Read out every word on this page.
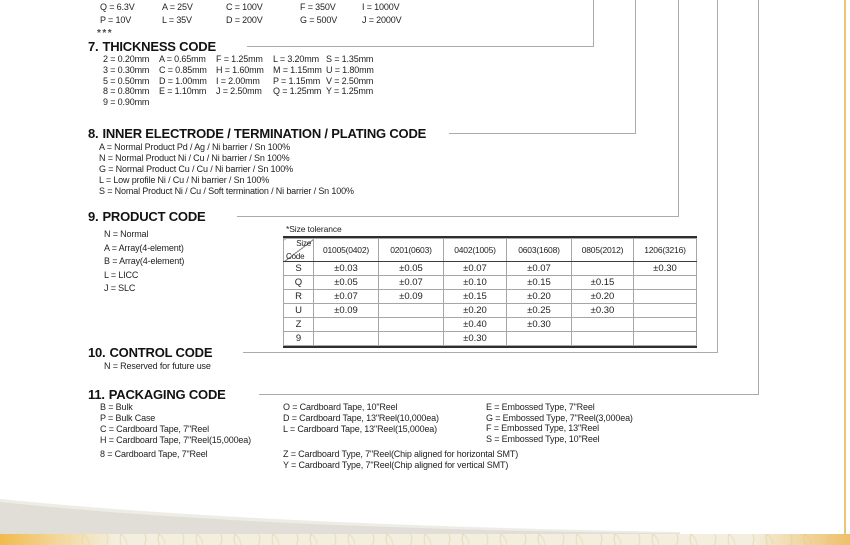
Q = 6.3V	A = 25V	C = 100V	F = 350V	I = 1000V
P = 10V	L = 35V	D = 200V	G = 500V	J = 2000V
***
7. THICKNESS CODE
2 = 0.20mm	A = 0.65mm	F = 1.25mm	L = 3.20mm S = 1.35mm
3 = 0.30mm	C = 0.85mm	H = 1.60mm	M = 1.15mm U = 1.80mm
5 = 0.50mm	D = 1.00mm	I = 2.00mm	P = 1.15mm V = 2.50mm
8 = 0.80mm	E = 1.10mm	J = 2.50mm	Q = 1.25mm Y = 1.25mm
9 = 0.90mm
8. INNER ELECTRODE / TERMINATION / PLATING CODE
A = Normal Product Pd / Ag / Ni barrier / Sn 100%
N = Normal Product Ni / Cu / Ni barrier / Sn 100%
G = Normal Product Cu / Cu / Ni barrier / Sn 100%
L = Low profile Ni / Cu / Ni barrier / Sn 100%
S = Nomal Product Ni / Cu / Soft termination / Ni barrier / Sn 100%
9. PRODUCT CODE
N = Normal
A = Array(4-element)
B = Array(4-element)
L = LICC
J = SLC
*Size tolerance
Size
Code	01005(0402)	0201(0603)	0402(1005)	0603(1608)	0805(2012)	1206(3216)
S	±0.03	±0.05	±0.07	±0.07		±0.30
Q	±0.05	±0.07	±0.10	±0.15	±0.15	
R	±0.07	±0.09	±0.15	±0.20	±0.20	
U	±0.09		±0.20	±0.25	±0.30	
Z			±0.40	±0.30		
9			±0.30			
10. CONTROL CODE
N = Reserved for future use
11. PACKAGING CODE
B = Bulk
P = Bulk Case
C = Cardboard Tape, 7"Reel
H = Cardboard Tape, 7"Reel(15,000ea)
8 = Cardboard Tape, 7"Reel
O = Cardboard Tape, 10"Reel
D = Cardboard Tape, 13"Reel(10,000ea)
L = Cardboard Tape, 13"Reel(15,000ea)
Z = Cardboard Type, 7"Reel(Chip aligned for horizontal SMT)
Y = Cardboard Type, 7"Reel(Chip aligned for vertical SMT)
E = Embossed Type, 7"Reel
G = Embossed Type, 7"Reel(3,000ea)
F = Embossed Type, 13"Reel
S = Embossed Type, 10"Reel
